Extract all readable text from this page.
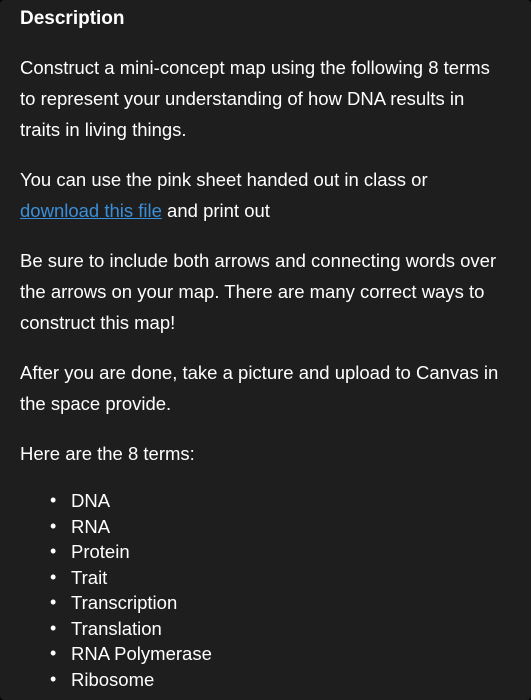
Description

Construct a mini-concept map using the following 8 terms to represent your understanding of how DNA results in traits in living things.

You can use the pink sheet handed out in class or download this file and print out

Be sure to include both arrows and connecting words over the arrows on your map. There are many correct ways to construct this map!

After you are done, take a picture and upload to Canvas in the space provide.

Here are the 8 terms:

• DNA
• RNA
• Protein
• Trait
• Transcription
• Translation
• RNA Polymerase
• Ribosome
